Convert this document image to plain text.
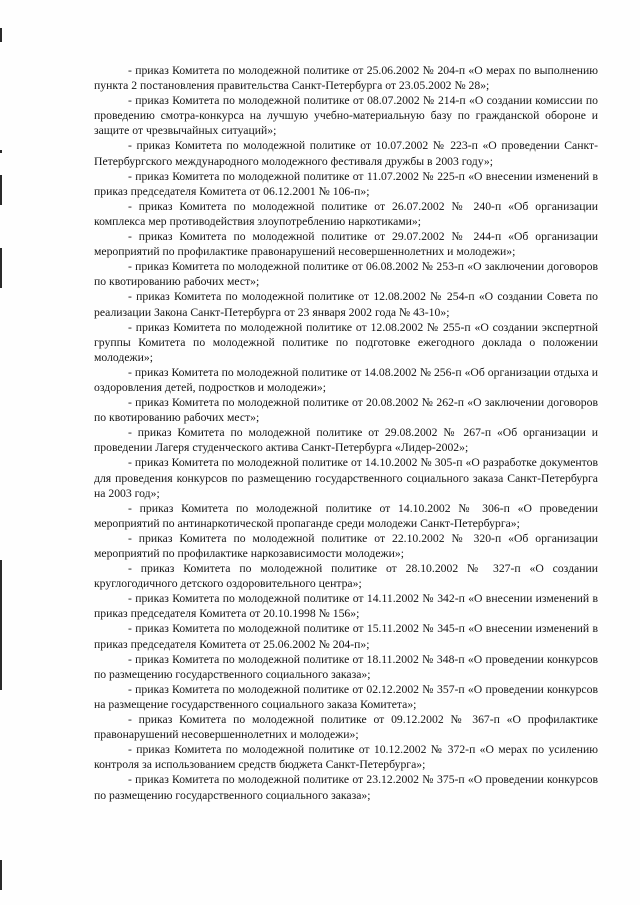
- приказ Комитета по молодежной политике от 25.06.2002 № 204-п «О мерах по выполнению пункта 2 постановления правительства Санкт-Петербурга от 23.05.2002 № 28»;

- приказ Комитета по молодежной политике от 08.07.2002 № 214-п «О создании комиссии по проведению смотра-конкурса на лучшую учебно-материальную базу по гражданской обороне и защите от чрезвычайных ситуаций»;

- приказ Комитета по молодежной политике от 10.07.2002 № 223-п «О проведении Санкт-Петербургского международного молодежного фестиваля дружбы в 2003 году»;

- приказ Комитета по молодежной политике от 11.07.2002 № 225-п «О внесении изменений в приказ председателя Комитета от 06.12.2001 № 106-п»;

- приказ Комитета по молодежной политике от 26.07.2002 № 240-п «Об организации комплекса мер противодействия злоупотреблению наркотиками»;

- приказ Комитета по молодежной политике от 29.07.2002 № 244-п «Об организации мероприятий по профилактике правонарушений несовершеннолетних и молодежи»;

- приказ Комитета по молодежной политике от 06.08.2002 № 253-п «О заключении договоров по квотированию рабочих мест»;

- приказ Комитета по молодежной политике от 12.08.2002 № 254-п «О создании Совета по реализации Закона Санкт-Петербурга от 23 января 2002 года № 43-10»;

- приказ Комитета по молодежной политике от 12.08.2002 № 255-п «О создании экспертной группы Комитета по молодежной политике по подготовке ежегодного доклада о положении молодежи»;

- приказ Комитета по молодежной политике от 14.08.2002 № 256-п «Об организации отдыха и оздоровления детей, подростков и молодежи»;

- приказ Комитета по молодежной политике от 20.08.2002 № 262-п «О заключении договоров по квотированию рабочих мест»;

- приказ Комитета по молодежной политике от 29.08.2002 № 267-п «Об организации и проведении Лагеря студенческого актива Санкт-Петербурга «Лидер-2002»;

- приказ Комитета по молодежной политике от 14.10.2002 № 305-п «О разработке документов для проведения конкурсов по размещению государственного социального заказа Санкт-Петербурга на 2003 год»;

- приказ Комитета по молодежной политике от 14.10.2002 № 306-п «О проведении мероприятий по антинаркотической пропаганде среди молодежи Санкт-Петербурга»;

- приказ Комитета по молодежной политике от 22.10.2002 № 320-п «Об организации мероприятий по профилактике наркозависимости молодежи»;

- приказ Комитета по молодежной политике от 28.10.2002 № 327-п «О создании круглогодичного детского оздоровительного центра»;

- приказ Комитета по молодежной политике от 14.11.2002 № 342-п «О внесении изменений в приказ председателя Комитета от 20.10.1998 № 156»;

- приказ Комитета по молодежной политике от 15.11.2002 № 345-п «О внесении изменений в приказ председателя Комитета от 25.06.2002 № 204-п»;

- приказ Комитета по молодежной политике от 18.11.2002 № 348-п «О проведении конкурсов по размещению государственного социального заказа»;

- приказ Комитета по молодежной политике от 02.12.2002 № 357-п «О проведении конкурсов на размещение государственного социального заказа Комитета»;

- приказ Комитета по молодежной политике от 09.12.2002 № 367-п «О профилактике правонарушений несовершеннолетних и молодежи»;

- приказ Комитета по молодежной политике от 10.12.2002 № 372-п «О мерах по усилению контроля за использованием средств бюджета Санкт-Петербурга»;

- приказ Комитета по молодежной политике от 23.12.2002 № 375-п «О проведении конкурсов по размещению государственного социального заказа»;
